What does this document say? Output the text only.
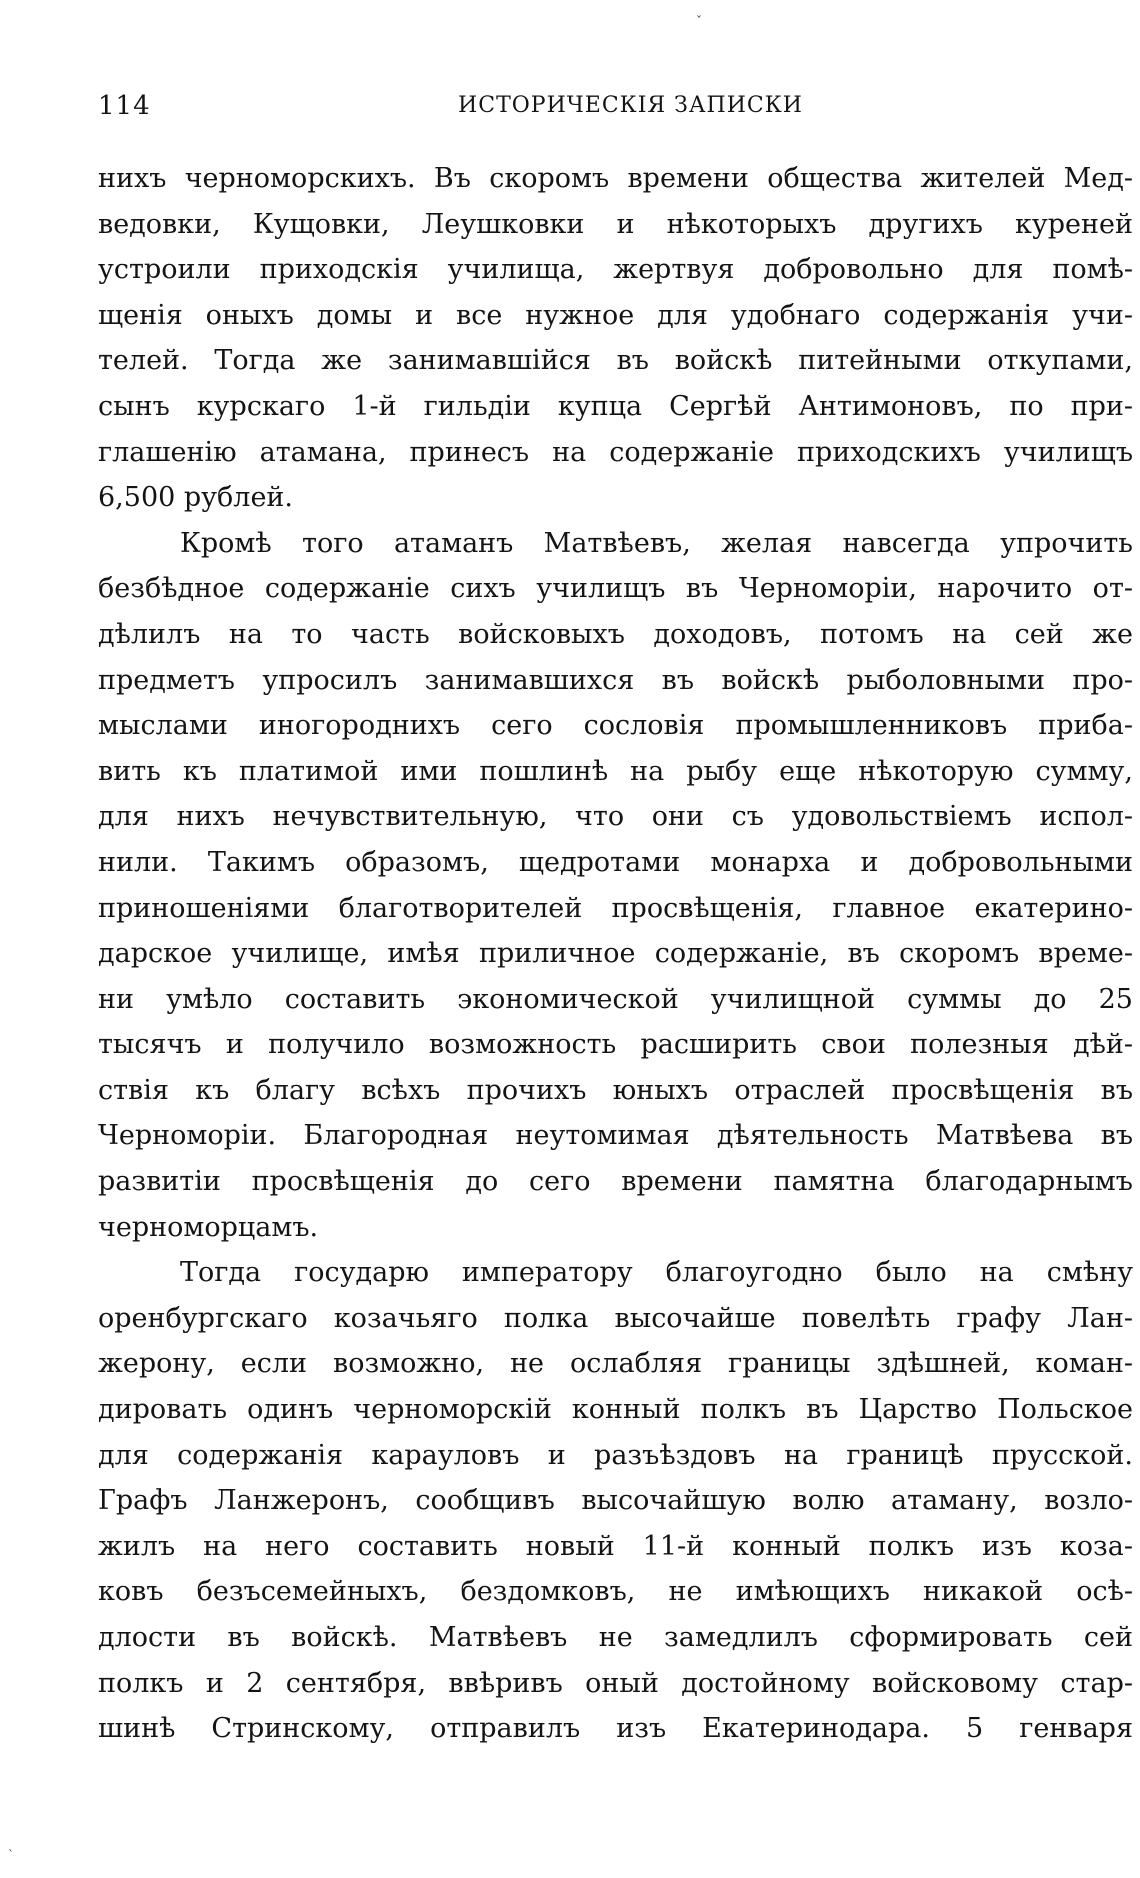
114	ИСТОРИЧЕСКІЯ ЗАПИСКИ
нихъ черноморскихъ. Въ скоромъ времени общества жителей Мед-
ведовки, Кущовки, Леушковки и нѣкоторыхъ другихъ куреней
устроили приходскія училища, жертвуя добровольно для помѣ-
щенія оныхъ домы и все нужное для удобнаго содержанія учи-
телей. Тогда же занимавшійся въ войскѣ питейными откупами,
сынъ курскаго 1-й гильдіи купца Сергѣй Антимоновъ, по при-
глашенію атамана, принесъ на содержаніе приходскихъ училищъ
6,500 рублей.
Кромѣ того атаманъ Матвѣевъ, желая навсегда упрочить
безбѣдное содержаніе сихъ училищъ въ Черноморіи, нарочито от-
дѣлилъ на то часть войсковыхъ доходовъ, потомъ на сей же
предметъ упросилъ занимавшихся въ войскѣ рыболовными про-
мыслами иногороднихъ сего сословія промышленниковъ приба-
вить къ платимой ими пошлинѣ на рыбу еще нѣкоторую сумму,
для нихъ нечувствительную, что они съ удовольствіемъ испол-
нили. Такимъ образомъ, щедротами монарха и добровольными
приношеніями благотворителей просвѣщенія, главное екатерино-
дарское училище, имѣя приличное содержаніе, въ скоромъ време-
ни умѣло составить экономической училищной суммы до 25
тысячъ и получило возможность расширить свои полезныя дѣй-
ствія къ благу всѣхъ прочихъ юныхъ отраслей просвѣщенія въ
Черноморіи. Благородная неутомимая дѣятельность Матвѣева въ
развитіи просвѣщенія до сего времени памятна благодарнымъ
черноморцамъ.
Тогда государю императору благоугодно было на смѣну
оренбургскаго козачьяго полка высочайше повелѣть графу Лан-
жерону, если возможно, не ослабляя границы здѣшней, коман-
дировать одинъ черноморскій конный полкъ въ Царство Польское
для содержанія карауловъ и разъѣздовъ на границѣ прусской.
Графъ Ланжеронъ, сообщивъ высочайшую волю атаману, возло-
жилъ на него составить новый 11-й конный полкъ изъ коза-
ковъ безъсемейныхъ, бездомковъ, не имѣющихъ никакой осѣ-
длости въ войскѣ. Матвѣевъ не замедлилъ сформировать сей
полкъ и 2 сентября, ввѣривъ оный достойному войсковому стар-
шинѣ Стринскому, отправилъ изъ Екатеринодара. 5 генваря
ˇ
ˋ
